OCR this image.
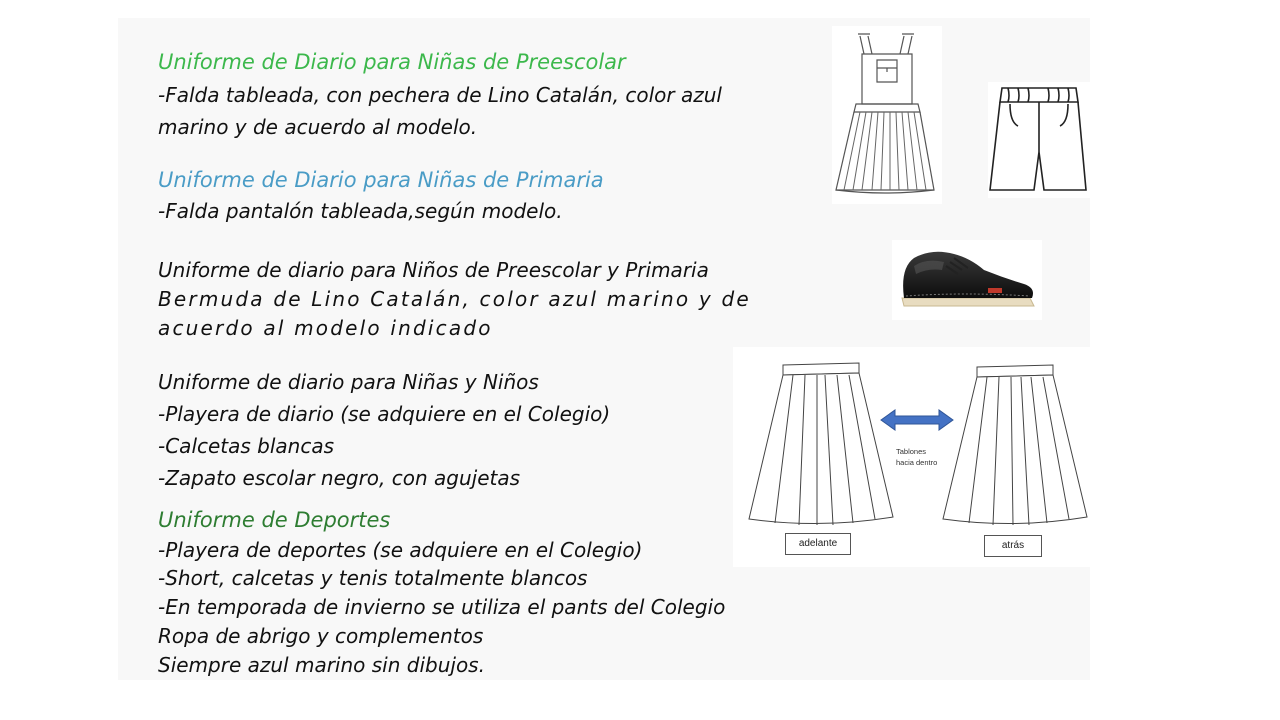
Uniforme de Diario para Niñas de Preescolar

-Falda tableada, con pechera de Lino Catalán, color azul

marino y de acuerdo al modelo.

Uniforme de Diario para Niñas de Primaria

-Falda pantalón tableada,según modelo.

Uniforme de diario para Niños de Preescolar y Primaria

Bermuda de Lino Catalán, color azul marino y de

acuerdo al modelo indicado

Uniforme de diario para Niñas y Niños

-Playera de diario (se adquiere en el Colegio)

-Calcetas blancas

-Zapato escolar negro, con agujetas

Uniforme de Deportes

-Playera de deportes (se adquiere en el Colegio)

-Short, calcetas y tenis totalmente blancos

-En temporada de invierno se utiliza el pants del Colegio

Ropa de abrigo y complementos

Siempre azul marino sin dibujos.

adelante	atrás
Tablones
hacia dentro
